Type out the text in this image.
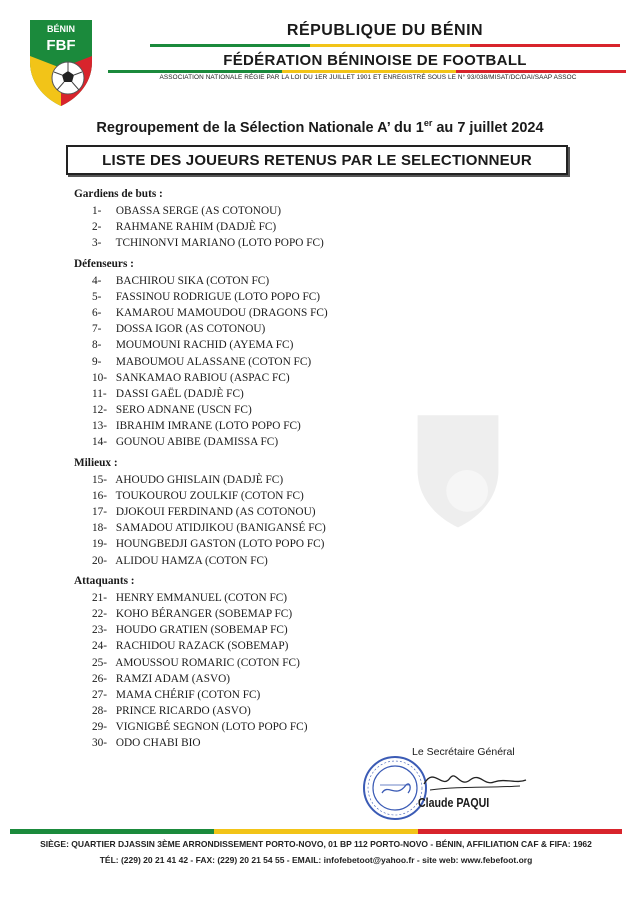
BÉNIN
FBF
RÉPUBLIQUE DU BÉNIN
FÉDÉRATION BÉNINOISE DE FOOTBALL
ASSOCIATION NATIONALE RÉGIE PAR LA LOI DU 1ER JUILLET 1901 ET ENREGISTRÉ SOUS LE N° 93/038/MISAT/DC/DAI/SAAP ASSOC
Regroupement de la Sélection Nationale A’ du 1er au 7 juillet 2024
LISTE DES JOUEURS RETENUS PAR LE SELECTIONNEUR
Gardiens de buts :
1- OBASSA SERGE (AS COTONOU)
2- RAHMANE RAHIM (DADJÈ FC)
3- TCHINONVI MARIANO (LOTO POPO FC)
Défenseurs :
4- BACHIROU SIKA (COTON FC)
5- FASSINOU RODRIGUE (LOTO POPO FC)
6- KAMAROU MAMOUDOU (DRAGONS FC)
7- DOSSA IGOR (AS COTONOU)
8- MOUMOUNI RACHID (AYEMA FC)
9- MABOUMOU ALASSANE (COTON FC)
10- SANKAMAO RABIOU (ASPAC FC)
11- DASSI GAËL (DADJÈ FC)
12- SERO ADNANE (USCN FC)
13- IBRAHIM IMRANE (LOTO POPO FC)
14- GOUNOU ABIBE (DAMISSA FC)
Milieux :
15- AHOUDO GHISLAIN (DADJÈ FC)
16- TOUKOUROU ZOULKIF (COTON FC)
17- DJOKOUI FERDINAND (AS COTONOU)
18- SAMADOU ATIDJIKOU (BANIGANSÉ FC)
19- HOUNGBEDJI GASTON (LOTO POPO FC)
20- ALIDOU HAMZA (COTON FC)
Attaquants :
21- HENRY EMMANUEL (COTON FC)
22- KOHO BÉRANGER (SOBEMAP FC)
23- HOUDO GRATIEN (SOBEMAP FC)
24- RACHIDOU RAZACK (SOBEMAP)
25- AMOUSSOU ROMARIC (COTON FC)
26- RAMZI ADAM (ASVO)
27- MAMA CHÉRIF (COTON FC)
28- PRINCE RICARDO (ASVO)
29- VIGNIGBÉ SEGNON (LOTO POPO FC)
30- ODO CHABI BIO
Le Secrétaire Général
Claude PAQUI
SIÈGE: QUARTIER DJASSIN 3ÈME ARRONDISSEMENT PORTO-NOVO, 01 BP 112 PORTO-NOVO - BÉNIN, AFFILIATION CAF & FIFA: 1962
TÉL: (229) 20 21 41 42 - FAX: (229) 20 21 54 55 - EMAIL: infofebetoot@yahoo.fr - site web: www.febefoot.org
